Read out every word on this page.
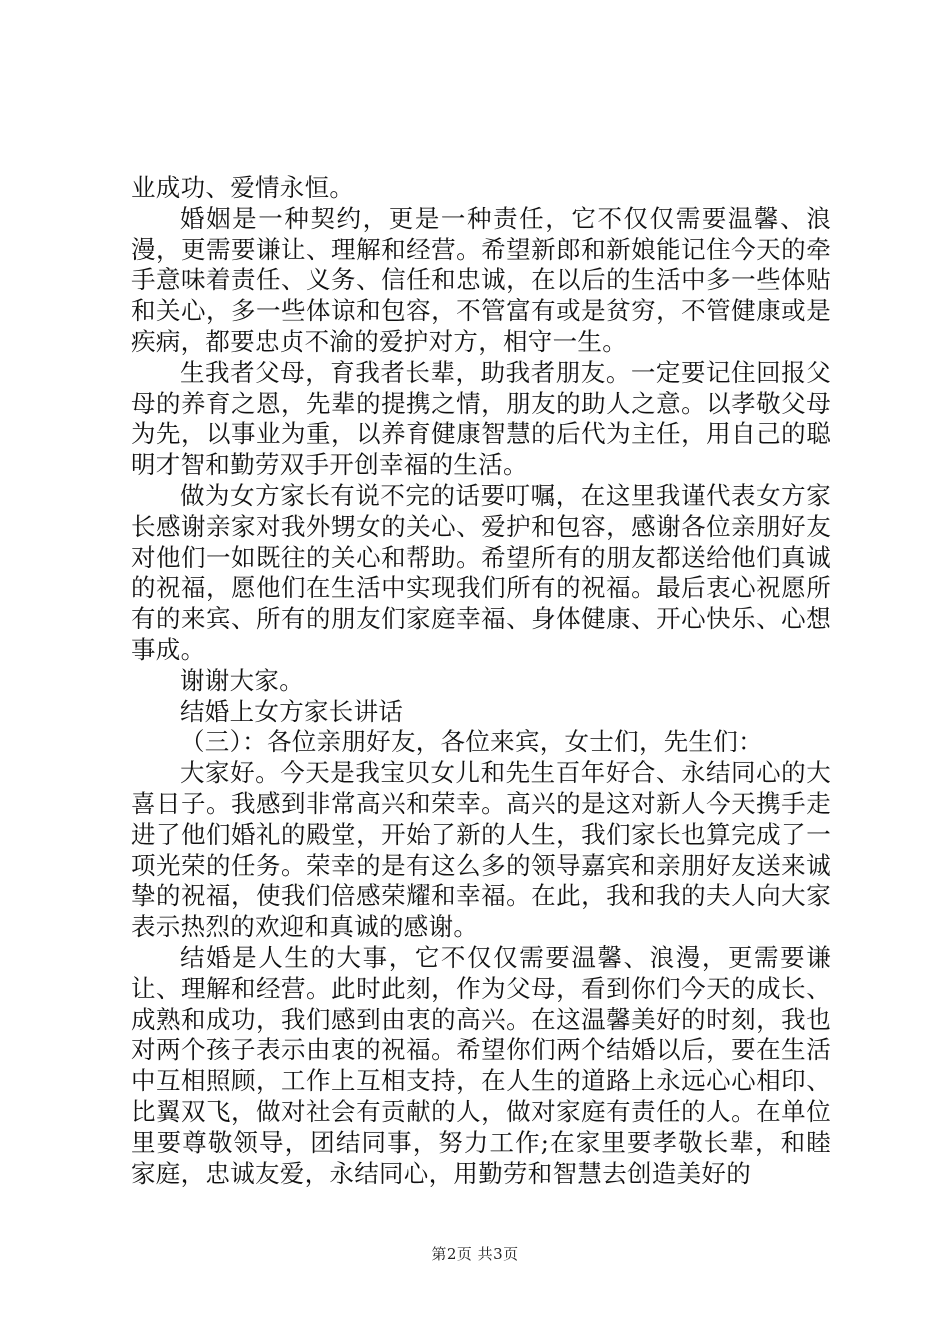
业成功、爱情永恒。

婚姻是一种契约，更是一种责任，它不仅仅需要温馨、浪漫，更需要谦让、理解和经营。希望新郎和新娘能记住今天的牵手意味着责任、义务、信任和忠诚，在以后的生活中多一些体贴和关心，多一些体谅和包容，不管富有或是贫穷，不管健康或是疾病，都要忠贞不渝的爱护对方，相守一生。

生我者父母，育我者长辈，助我者朋友。一定要记住回报父母的养育之恩，先辈的提携之情，朋友的助人之意。以孝敬父母为先，以事业为重，以养育健康智慧的后代为主任，用自己的聪明才智和勤劳双手开创幸福的生活。

做为女方家长有说不完的话要叮嘱，在这里我谨代表女方家长感谢亲家对我外甥女的关心、爱护和包容，感谢各位亲朋好友对他们一如既往的关心和帮助。希望所有的朋友都送给他们真诚的祝福，愿他们在生活中实现我们所有的祝福。最后衷心祝愿所有的来宾、所有的朋友们家庭幸福、身体健康、开心快乐、心想事成。

谢谢大家。

结婚上女方家长讲话

（三）：各位亲朋好友，各位来宾，女士们，先生们：

大家好。今天是我宝贝女儿和先生百年好合、永结同心的大喜日子。我感到非常高兴和荣幸。高兴的是这对新人今天携手走进了他们婚礼的殿堂，开始了新的人生，我们家长也算完成了一项光荣的任务。荣幸的是有这么多的领导嘉宾和亲朋好友送来诚挚的祝福，使我们倍感荣耀和幸福。在此，我和我的夫人向大家表示热烈的欢迎和真诚的感谢。

结婚是人生的大事，它不仅仅需要温馨、浪漫，更需要谦让、理解和经营。此时此刻，作为父母，看到你们今天的成长、成熟和成功，我们感到由衷的高兴。在这温馨美好的时刻，我也对两个孩子表示由衷的祝福。希望你们两个结婚以后，要在生活中互相照顾，工作上互相支持，在人生的道路上永远心心相印、比翼双飞，做对社会有贡献的人，做对家庭有责任的人。在单位里要尊敬领导，团结同事，努力工作;在家里要孝敬长辈，和睦家庭，忠诚友爱，永结同心，用勤劳和智慧去创造美好的

第2页 共3页
